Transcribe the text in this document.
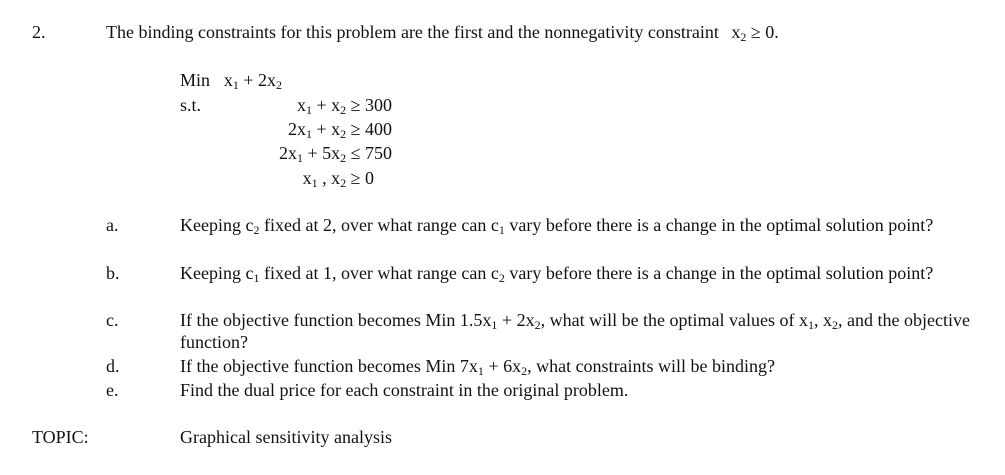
2.	The binding constraints for this problem are the first and the nonnegativity constraint $x_2 \ge 0$.
Min $x_1 + 2x_2$
s.t.	$x_1 + x_2 \ge 300$
$2x_1 + x_2 \ge 400$
$2x_1 + 5x_2 \le 750$
$x_1$ , $x_2 \ge 0$
a.	Keeping $c_2$ fixed at 2, over what range can $c_1$ vary before there is a change in the optimal solution point?
b.	Keeping $c_1$ fixed at 1, over what range can $c_2$ vary before there is a change in the optimal solution point?
c.	If the objective function becomes Min $1.5x_1 + 2x_2$, what will be the optimal values of $x_1$, $x_2$, and the objective function?
d.	If the objective function becomes Min $7x_1 + 6x_2$, what constraints will be binding?
e.	Find the dual price for each constraint in the original problem.
TOPIC:	Graphical sensitivity analysis
